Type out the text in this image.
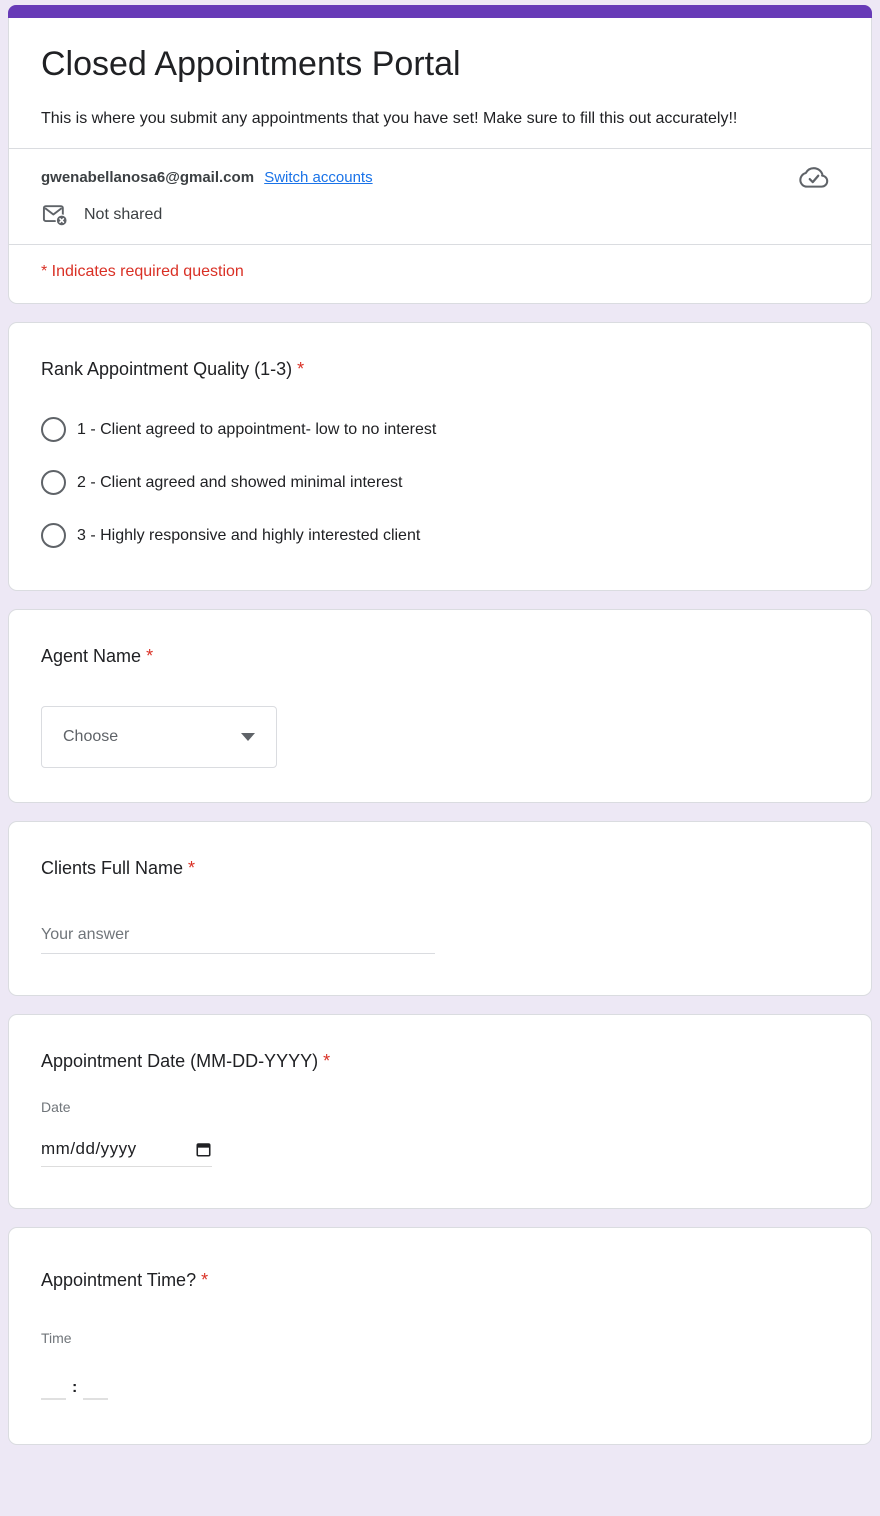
Closed Appointments Portal

This is where you submit any appointments that you have set! Make sure to fill this out accurately!!

gwenabellanosa6@gmail.com Switch accounts
Not shared
* Indicates required question
Rank Appointment Quality (1-3) *
1 - Client agreed to appointment- low to no interest
2 - Client agreed and showed minimal interest
3 - Highly responsive and highly interested client
Agent Name *
Choose
Clients Full Name *
Your answer
Appointment Date (MM-DD-YYYY) *
Date
mm/dd/yyyy
Appointment Time? *
Time
:
